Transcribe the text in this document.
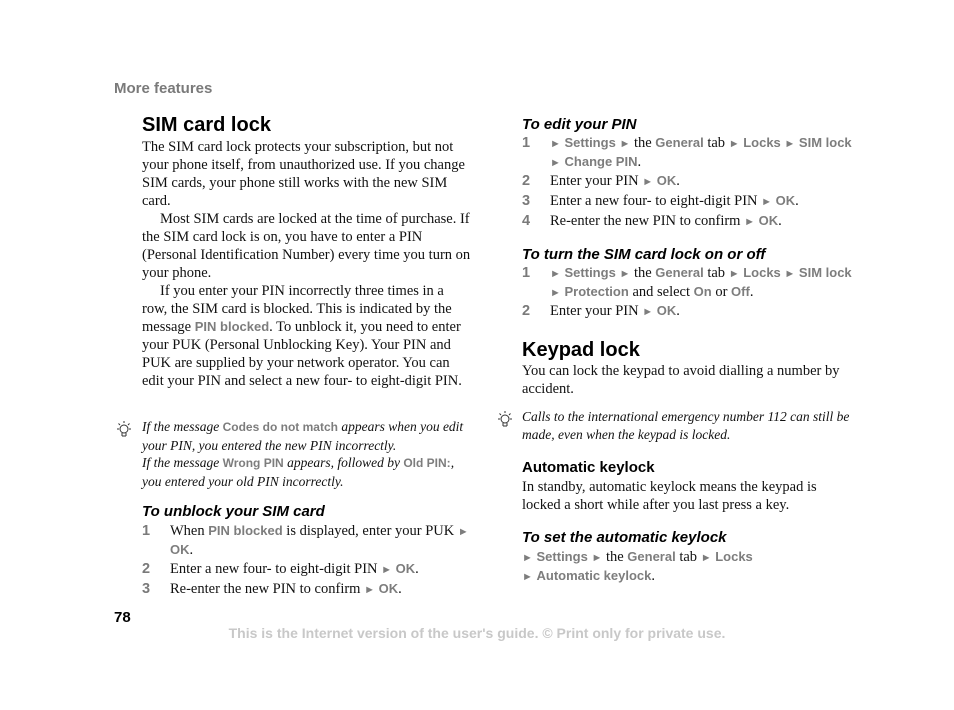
More features
SIM card lock

The SIM card lock protects your subscription, but not your phone itself, from unauthorized use. If you change SIM cards, your phone still works with the new SIM card.

Most SIM cards are locked at the time of purchase. If the SIM card lock is on, you have to enter a PIN (Personal Identification Number) every time you turn on your phone.

If you enter your PIN incorrectly three times in a row, the SIM card is blocked. This is indicated by the message PIN blocked. To unblock it, you need to enter your PUK (Personal Unblocking Key). Your PIN and PUK are supplied by your network operator. You can edit your PIN and select a new four- to eight-digit PIN.

If the message Codes do not match appears when you edit your PIN, you entered the new PIN incorrectly.
If the message Wrong PIN appears, followed by Old PIN:, you entered your old PIN incorrectly.
To unblock your SIM card
1 When PIN blocked is displayed, enter your PUK ► OK.
2 Enter a new four- to eight-digit PIN ► OK.
3 Re-enter the new PIN to confirm ► OK.
To edit your PIN
1 ► Settings ► the General tab ► Locks ► SIM lock
► Change PIN.
2 Enter your PIN ► OK.
3 Enter a new four- to eight-digit PIN ► OK.
4 Re-enter the new PIN to confirm ► OK.
To turn the SIM card lock on or off
1 ► Settings ► the General tab ► Locks ► SIM lock
► Protection and select On or Off.
2 Enter your PIN ► OK.
Keypad lock
You can lock the keypad to avoid dialling a number by accident.
Calls to the international emergency number 112 can still be made, even when the keypad is locked.
Automatic keylock
In standby, automatic keylock means the keypad is locked a short while after you last press a key.
To set the automatic keylock
► Settings ► the General tab ► Locks
► Automatic keylock.
78
This is the Internet version of the user's guide. © Print only for private use.
